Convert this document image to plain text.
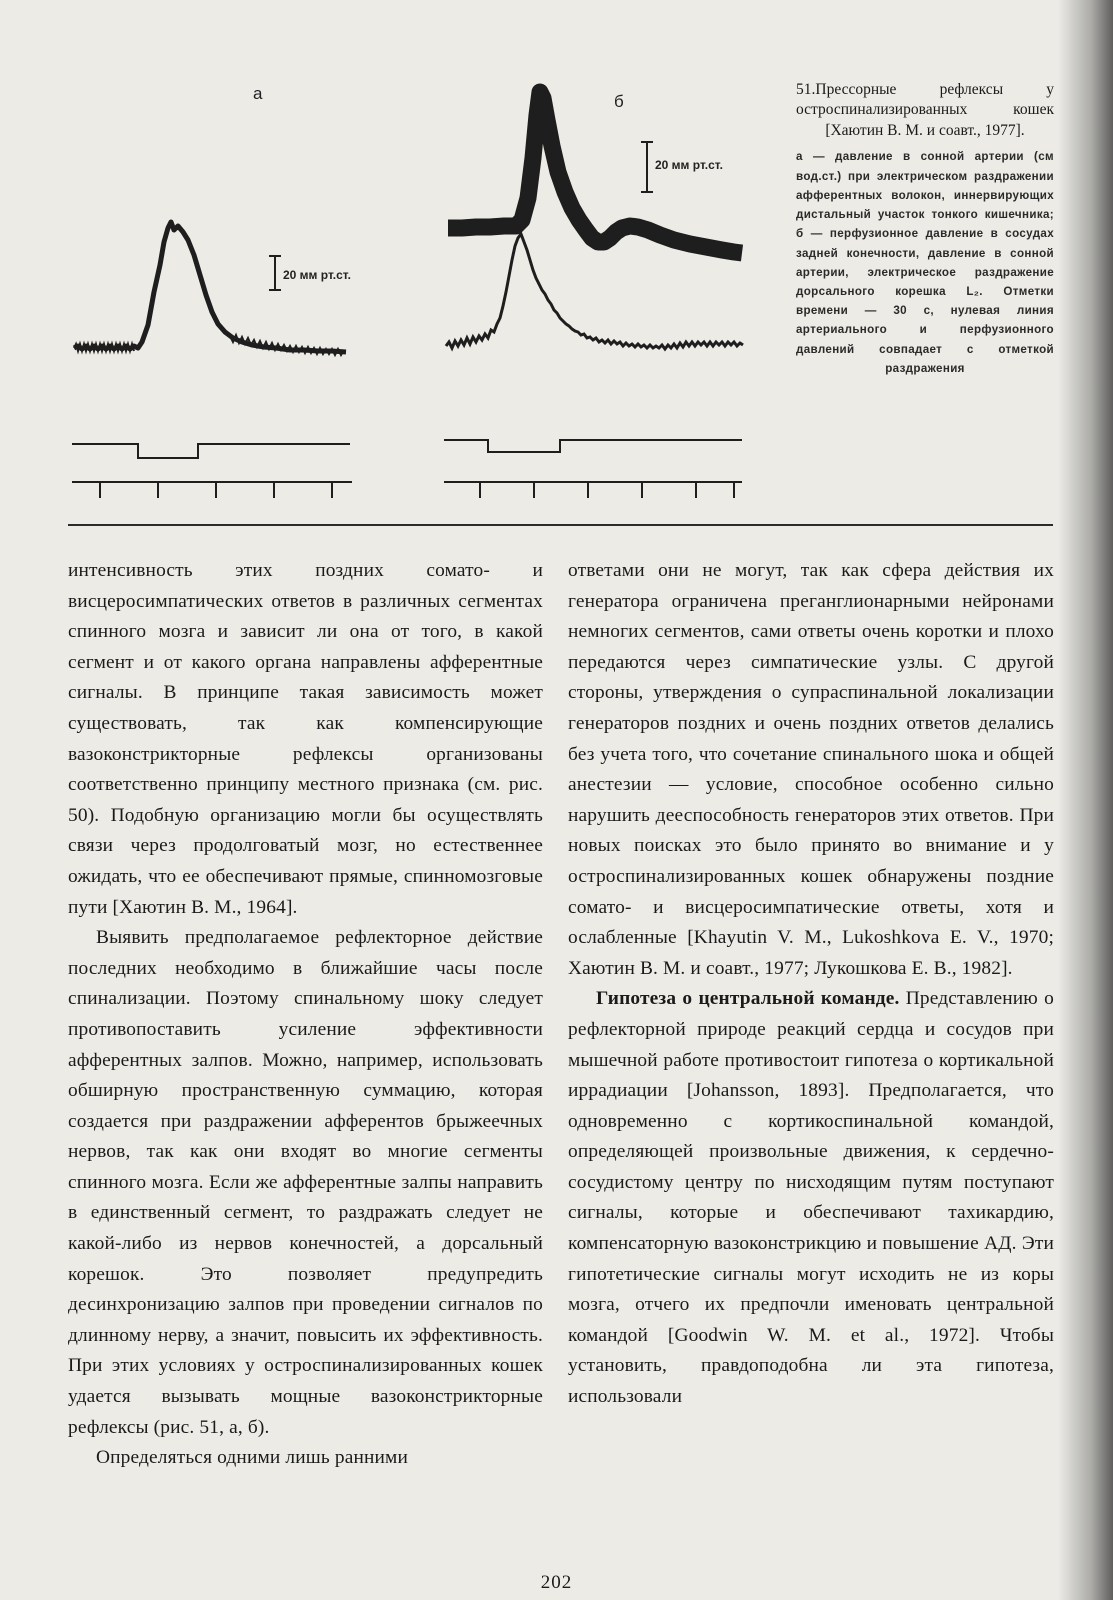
а	б
20 мм рт.ст.
20 мм рт.ст.
51.Прессорные рефлексы у остроспинализированных кошек [Хаютин В. М. и соавт., 1977].
а — давление в сонной артерии (см вод.ст.) при электрическом раздражении афферентных волокон, иннервирующих дистальный участок тонкого кишечника; б — перфузионное давление в сосудах задней конечности, давление в сонной артерии, электрическое раздражение дорсального корешка L₂. Отметки времени — 30 с, нулевая линия артериального и перфузионного давлений совпадает с отметкой раздражения

интенсивность этих поздних сомато- и висцеросимпатических ответов в различных сегментах спинного мозга и зависит ли она от того, в какой сегмент и от какого органа направлены афферентные сигналы. В принципе такая зависимость может существовать, так как компенсирующие вазоконстрикторные рефлексы организованы соответственно принципу местного признака (см. рис. 50). Подобную организацию могли бы осуществлять связи через продолговатый мозг, но естественнее ожидать, что ее обеспечивают прямые, спинномозговые пути [Хаютин В. М., 1964].

Выявить предполагаемое рефлекторное действие последних необходимо в ближайшие часы после спинализации. Поэтому спинальному шоку следует противопоставить усиление эффективности афферентных залпов. Можно, например, использовать обширную пространственную суммацию, которая создается при раздражении афферентов брыжеечных нервов, так как они входят во многие сегменты спинного мозга. Если же афферентные залпы направить в единственный сегмент, то раздражать следует не какой-либо из нервов конечностей, а дорсальный корешок. Это позволяет предупредить десинхронизацию залпов при проведении сигналов по длинному нерву, а значит, повысить их эффективность. При этих условиях у остроспинализированных кошек удается вызывать мощные вазоконстрикторные рефлексы (рис. 51, а, б).

Определяться одними лишь ранними

ответами они не могут, так как сфера действия их генератора ограничена преганглионарными нейронами немногих сегментов, сами ответы очень коротки и плохо передаются через симпатические узлы. С другой стороны, утверждения о супраспинальной локализации генераторов поздних и очень поздних ответов делались без учета того, что сочетание спинального шока и общей анестезии — условие, способное особенно сильно нарушить дееспособность генераторов этих ответов. При новых поисках это было принято во внимание и у остроспинализированных кошек обнаружены поздние сомато- и висцеросимпатические ответы, хотя и ослабленные [Khayutin V. M., Lukoshkova E. V., 1970; Хаютин В. М. и соавт., 1977; Лукошкова Е. В., 1982].

Гипотеза о центральной команде. Представлению о рефлекторной природе реакций сердца и сосудов при мышечной работе противостоит гипотеза о кортикальной иррадиации [Johansson, 1893]. Предполагается, что одновременно с кортикоспинальной командой, определяющей произвольные движения, к сердечно-сосудистому центру по нисходящим путям поступают сигналы, которые и обеспечивают тахикардию, компенсаторную вазоконстрикцию и повышение АД. Эти гипотетические сигналы могут исходить не из коры мозга, отчего их предпочли именовать центральной командой [Goodwin W. M. et al., 1972]. Чтобы установить, правдоподобна ли эта гипотеза, использовали

202
